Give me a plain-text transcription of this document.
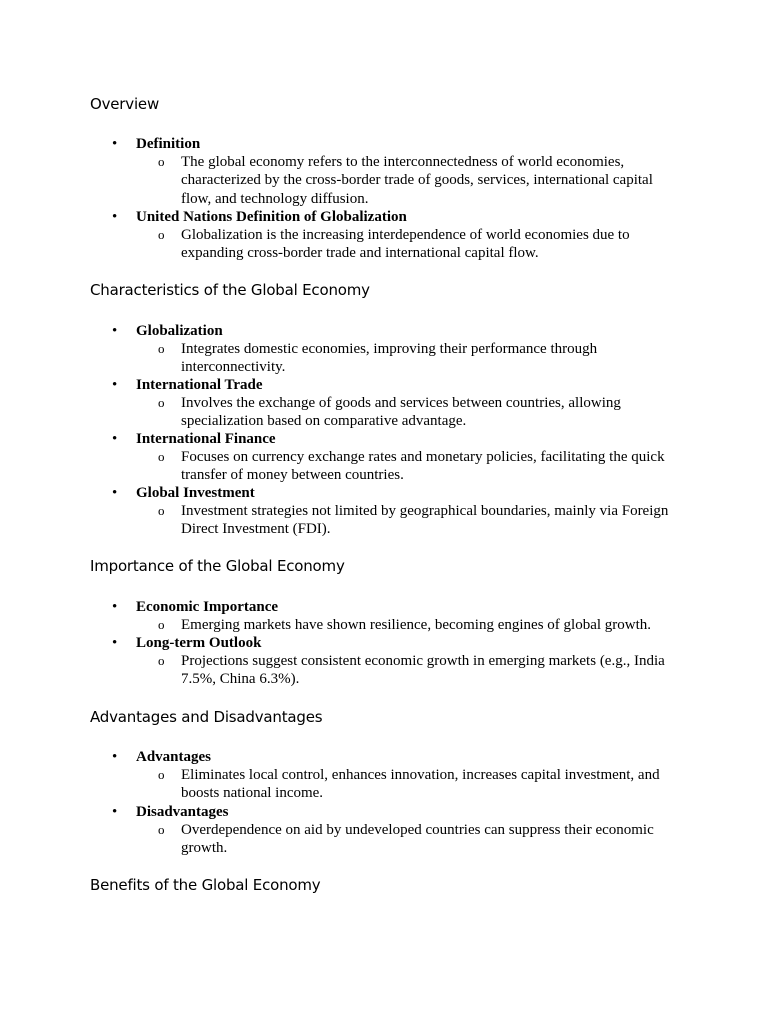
Overview
• Definition
o The global economy refers to the interconnectedness of world economies, characterized by the cross-border trade of goods, services, international capital flow, and technology diffusion.
• United Nations Definition of Globalization
o Globalization is the increasing interdependence of world economies due to expanding cross-border trade and international capital flow.
Characteristics of the Global Economy
• Globalization
o Integrates domestic economies, improving their performance through interconnectivity.
• International Trade
o Involves the exchange of goods and services between countries, allowing specialization based on comparative advantage.
• International Finance
o Focuses on currency exchange rates and monetary policies, facilitating the quick transfer of money between countries.
• Global Investment
o Investment strategies not limited by geographical boundaries, mainly via Foreign Direct Investment (FDI).
Importance of the Global Economy
• Economic Importance
o Emerging markets have shown resilience, becoming engines of global growth.
• Long-term Outlook
o Projections suggest consistent economic growth in emerging markets (e.g., India 7.5%, China 6.3%).
Advantages and Disadvantages
• Advantages
o Eliminates local control, enhances innovation, increases capital investment, and boosts national income.
• Disadvantages
o Overdependence on aid by undeveloped countries can suppress their economic growth.
Benefits of the Global Economy
